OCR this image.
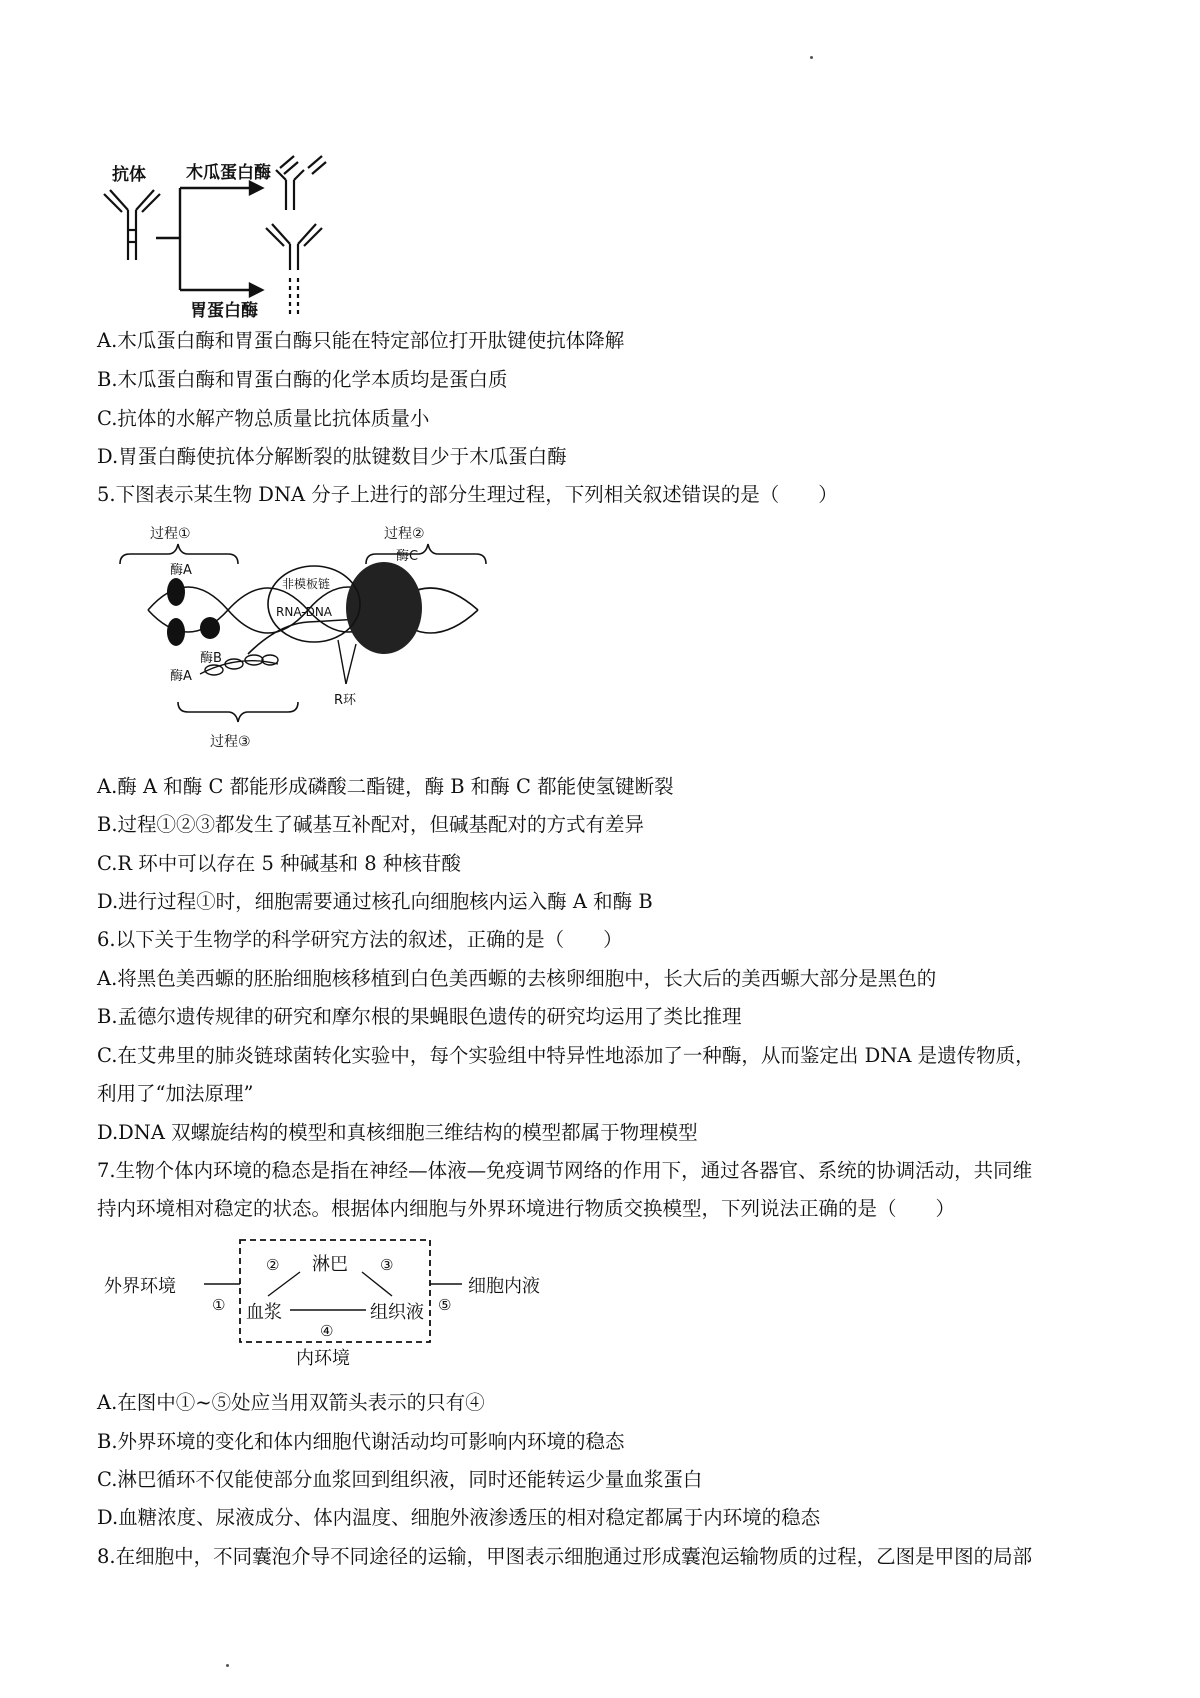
抗体 木瓜蛋白酶
胃蛋白酶
A.木瓜蛋白酶和胃蛋白酶只能在特定部位打开肽键使抗体降解
B.木瓜蛋白酶和胃蛋白酶的化学本质均是蛋白质
C.抗体的水解产物总质量比抗体质量小
D.胃蛋白酶使抗体分解断裂的肽键数目少于木瓜蛋白酶
5.下图表示某生物 DNA 分子上进行的部分生理过程，下列相关叙述错误的是（　　）
过程①	过程②
过程③
酶A
酶A
酶B
酶C
非模板链
RNA-DNA
R环
A.酶 A 和酶 C 都能形成磷酸二酯键，酶 B 和酶 C 都能使氢键断裂
B.过程①②③都发生了碱基互补配对，但碱基配对的方式有差异
C.R 环中可以存在 5 种碱基和 8 种核苷酸
D.进行过程①时，细胞需要通过核孔向细胞核内运入酶 A 和酶 B
6.以下关于生物学的科学研究方法的叙述，正确的是（　　）
A.将黑色美西螈的胚胎细胞核移植到白色美西螈的去核卵细胞中，长大后的美西螈大部分是黑色的
B.孟德尔遗传规律的研究和摩尔根的果蝇眼色遗传的研究均运用了类比推理
C.在艾弗里的肺炎链球菌转化实验中，每个实验组中特异性地添加了一种酶，从而鉴定出 DNA 是遗传物质，
利用了“加法原理”
D.DNA 双螺旋结构的模型和真核细胞三维结构的模型都属于物理模型
7.生物个体内环境的稳态是指在神经—体液—免疫调节网络的作用下，通过各器官、系统的协调活动，共同维
持内环境相对稳定的状态。根据体内细胞与外界环境进行物质交换模型，下列说法正确的是（　　）
外界环境
淋巴
血浆	组织液
细胞内液
内环境
①
②	③
④
⑤
A.在图中①~⑤处应当用双箭头表示的只有④
B.外界环境的变化和体内细胞代谢活动均可影响内环境的稳态
C.淋巴循环不仅能使部分血浆回到组织液，同时还能转运少量血浆蛋白
D.血糖浓度、尿液成分、体内温度、细胞外液渗透压的相对稳定都属于内环境的稳态
8.在细胞中，不同囊泡介导不同途径的运输，甲图表示细胞通过形成囊泡运输物质的过程，乙图是甲图的局部
